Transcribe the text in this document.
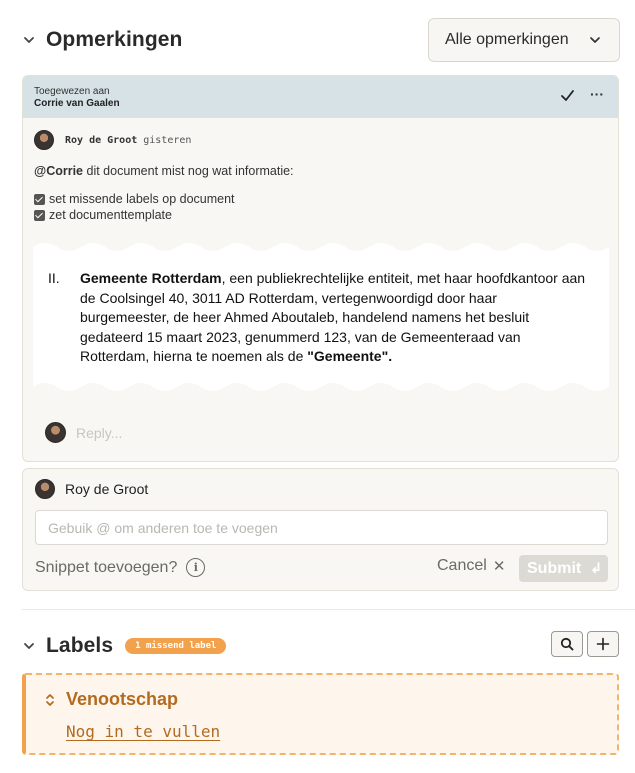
Opmerkingen	Alle opmerkingen
Toegewezen aan
Corrie van Gaalen
···
Roy de Groot gisteren
@Corrie dit document mist nog wat informatie:
set missende labels op document
zet documenttemplate
II.	Gemeente Rotterdam, een publiekrechtelijke entiteit, met haar hoofdkantoor aan de Coolsingel 40, 3011 AD Rotterdam, vertegenwoordigd door haar burgemeester, de heer Ahmed Aboutaleb, handelend namens het besluit gedateerd 15 maart 2023, genummerd 123, van de Gemeenteraad van Rotterdam, hierna te noemen als de "Gemeente".
Reply...
Roy de Groot
Gebuik @ om anderen toe te voegen
Snippet toevoegen?	i	Cancel ✕ Submit ↲
Labels	1 missend label
Venootschap
Nog in te vullen
